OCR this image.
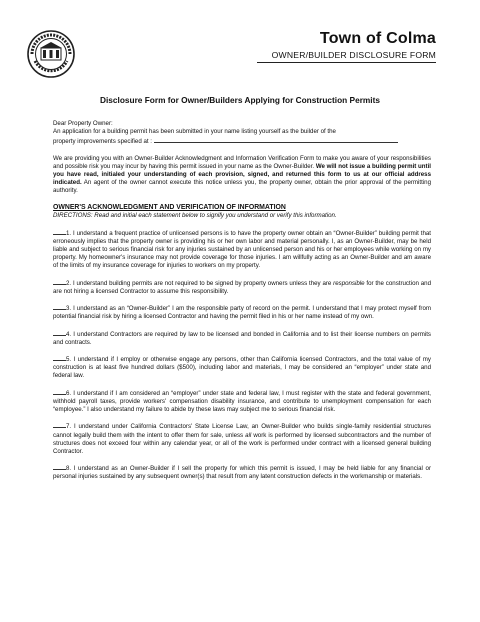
Town of Colma
OWNER/BUILDER DISCLOSURE FORM
Disclosure Form for Owner/Builders Applying for Construction Permits

Dear Property Owner:

An application for a building permit has been submitted in your name listing yourself as the builder of the

property improvements specified at :

We are providing you with an Owner-Builder Acknowledgment and Information Verification Form to make you aware of your responsibilities and possible risk you may incur by having this permit issued in your name as the Owner-Builder. We will not issue a building permit until you have read, initialed your understanding of each provision, signed, and returned this form to us at our official address indicated. An agent of the owner cannot execute this notice unless you, the property owner, obtain the prior approval of the permitting authority.

OWNER'S ACKNOWLEDGMENT AND VERIFICATION OF INFORMATION

DIRECTIONS: Read and initial each statement below to signify you understand or verify this information.

1. I understand a frequent practice of unlicensed persons is to have the property owner obtain an “Owner-Builder” building permit that erroneously implies that the property owner is providing his or her own labor and material personally. I, as an Owner-Builder, may be held liable and subject to serious financial risk for any injuries sustained by an unlicensed person and his or her employees while working on my property. My homeowner's insurance may not provide coverage for those injuries. I am willfully acting as an Owner-Builder and am aware of the limits of my insurance coverage for injuries to workers on my property.

2. I understand building permits are not required to be signed by property owners unless they are responsible for the construction and are not hiring a licensed Contractor to assume this responsibility.

3. I understand as an “Owner-Builder” I am the responsible party of record on the permit. I understand that I may protect myself from potential financial risk by hiring a licensed Contractor and having the permit filed in his or her name instead of my own.

4. I understand Contractors are required by law to be licensed and bonded in California and to list their license numbers on permits and contracts.

5. I understand if I employ or otherwise engage any persons, other than California licensed Contractors, and the total value of my construction is at least five hundred dollars ($500), including labor and materials, I may be considered an “employer” under state and federal law.

6. I understand if I am considered an “employer” under state and federal law, I must register with the state and federal government, withhold payroll taxes, provide workers' compensation disability insurance, and contribute to unemployment compensation for each “employee.” I also understand my failure to abide by these laws may subject me to serious financial risk.

7. I understand under California Contractors' State License Law, an Owner-Builder who builds single-family residential structures cannot legally build them with the intent to offer them for sale, unless all work is performed by licensed subcontractors and the number of structures does not exceed four within any calendar year, or all of the work is performed under contract with a licensed general building Contractor.

8. I understand as an Owner-Builder if I sell the property for which this permit is issued, I may be held liable for any financial or personal injuries sustained by any subsequent owner(s) that result from any latent construction defects in the workmanship or materials.
